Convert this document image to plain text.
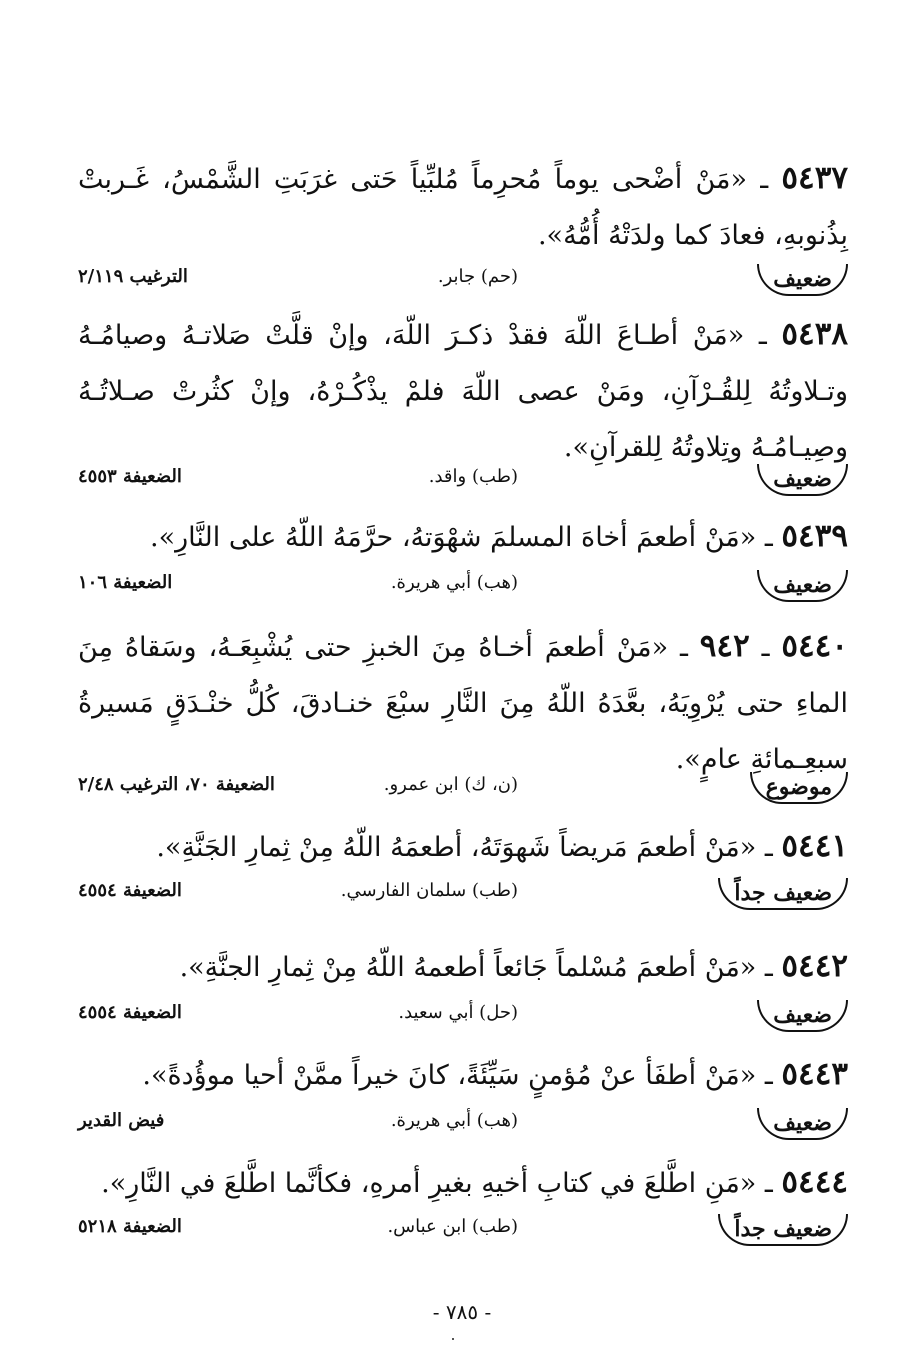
٥٤٣٧ ـ «مَنْ أضْحى يوماً مُحرِماً مُلبِّياً حَتى غرَبَتِ الشَّمْسُ، غَـربتْ بِذُنوبهِ، فعادَ كما ولدَتْهُ أُمُّهُ».
ضعيف
(حم) جابر.
الترغيب ٢/١١٩
٥٤٣٨ ـ «مَنْ أطـاعَ اللّهَ فقدْ ذكـرَ اللّهَ، وإنْ قلَّتْ صَلاتـهُ وصيامُـهُ وتـلاوتُهُ لِلقُـرْآنِ، ومَنْ عصى اللّهَ فلمْ يذْكُـرْهُ، وإنْ كثُرتْ صـلاتُـهُ وصِيـامُـهُ وتِلاوتُهُ لِلقرآنِ».
ضعيف
(طب) واقد.
الضعيفة ٤٥٥٣
٥٤٣٩ ـ «مَنْ أطعمَ أخاهَ المسلمَ شهْوَتهُ، حرَّمَهُ اللّهُ على النَّارِ».
ضعيف
(هب) أبي هريرة.
الضعيفة ١٠٦
٥٤٤٠ ـ ٩٤٢ ـ «مَنْ أطعمَ أخـاهُ مِنَ الخبزِ حتى يُشْبِعَـهُ، وسَقاهُ مِنَ الماءِ حتى يُرْوِيَهُ، بعَّدَهُ اللّهُ مِنَ النَّارِ سبْعَ خنـادقَ، كُلُّ خنْـدَقٍ مَسيرةُ سبعِـمائةِ عامٍ».
موضوع
(ن، ك) ابن عمرو.
الضعيفة ٧٠، الترغيب ٢/٤٨
٥٤٤١ ـ «مَنْ أطعمَ مَريضاً شَهوَتَهُ، أطعمَهُ اللّهُ مِنْ ثِمارِ الجَنَّةِ».
ضعيف جداً
(طب) سلمان الفارسي.
الضعيفة ٤٥٥٤
٥٤٤٢ ـ «مَنْ أطعمَ مُسْلماً جَائعاً أطعمهُ اللّهُ مِنْ ثِمارِ الجنَّةِ».
ضعيف
(حل) أبي سعيد.
الضعيفة ٤٥٥٤
٥٤٤٣ ـ «مَنْ أطفَأ عنْ مُؤمنٍ سَيِّئَةً، كانَ خيراً ممَّنْ أحيا موؤُدةً».
ضعيف
(هب) أبي هريرة.
فيض القدير
٥٤٤٤ ـ «مَنِ اطَّلعَ في كتابِ أخيهِ بغيرِ أمرهِ، فكأنَّما اطَّلعَ في النَّارِ».
ضعيف جداً
(طب) ابن عباس.
الضعيفة ٥٢١٨
- ٧٨٥ -
